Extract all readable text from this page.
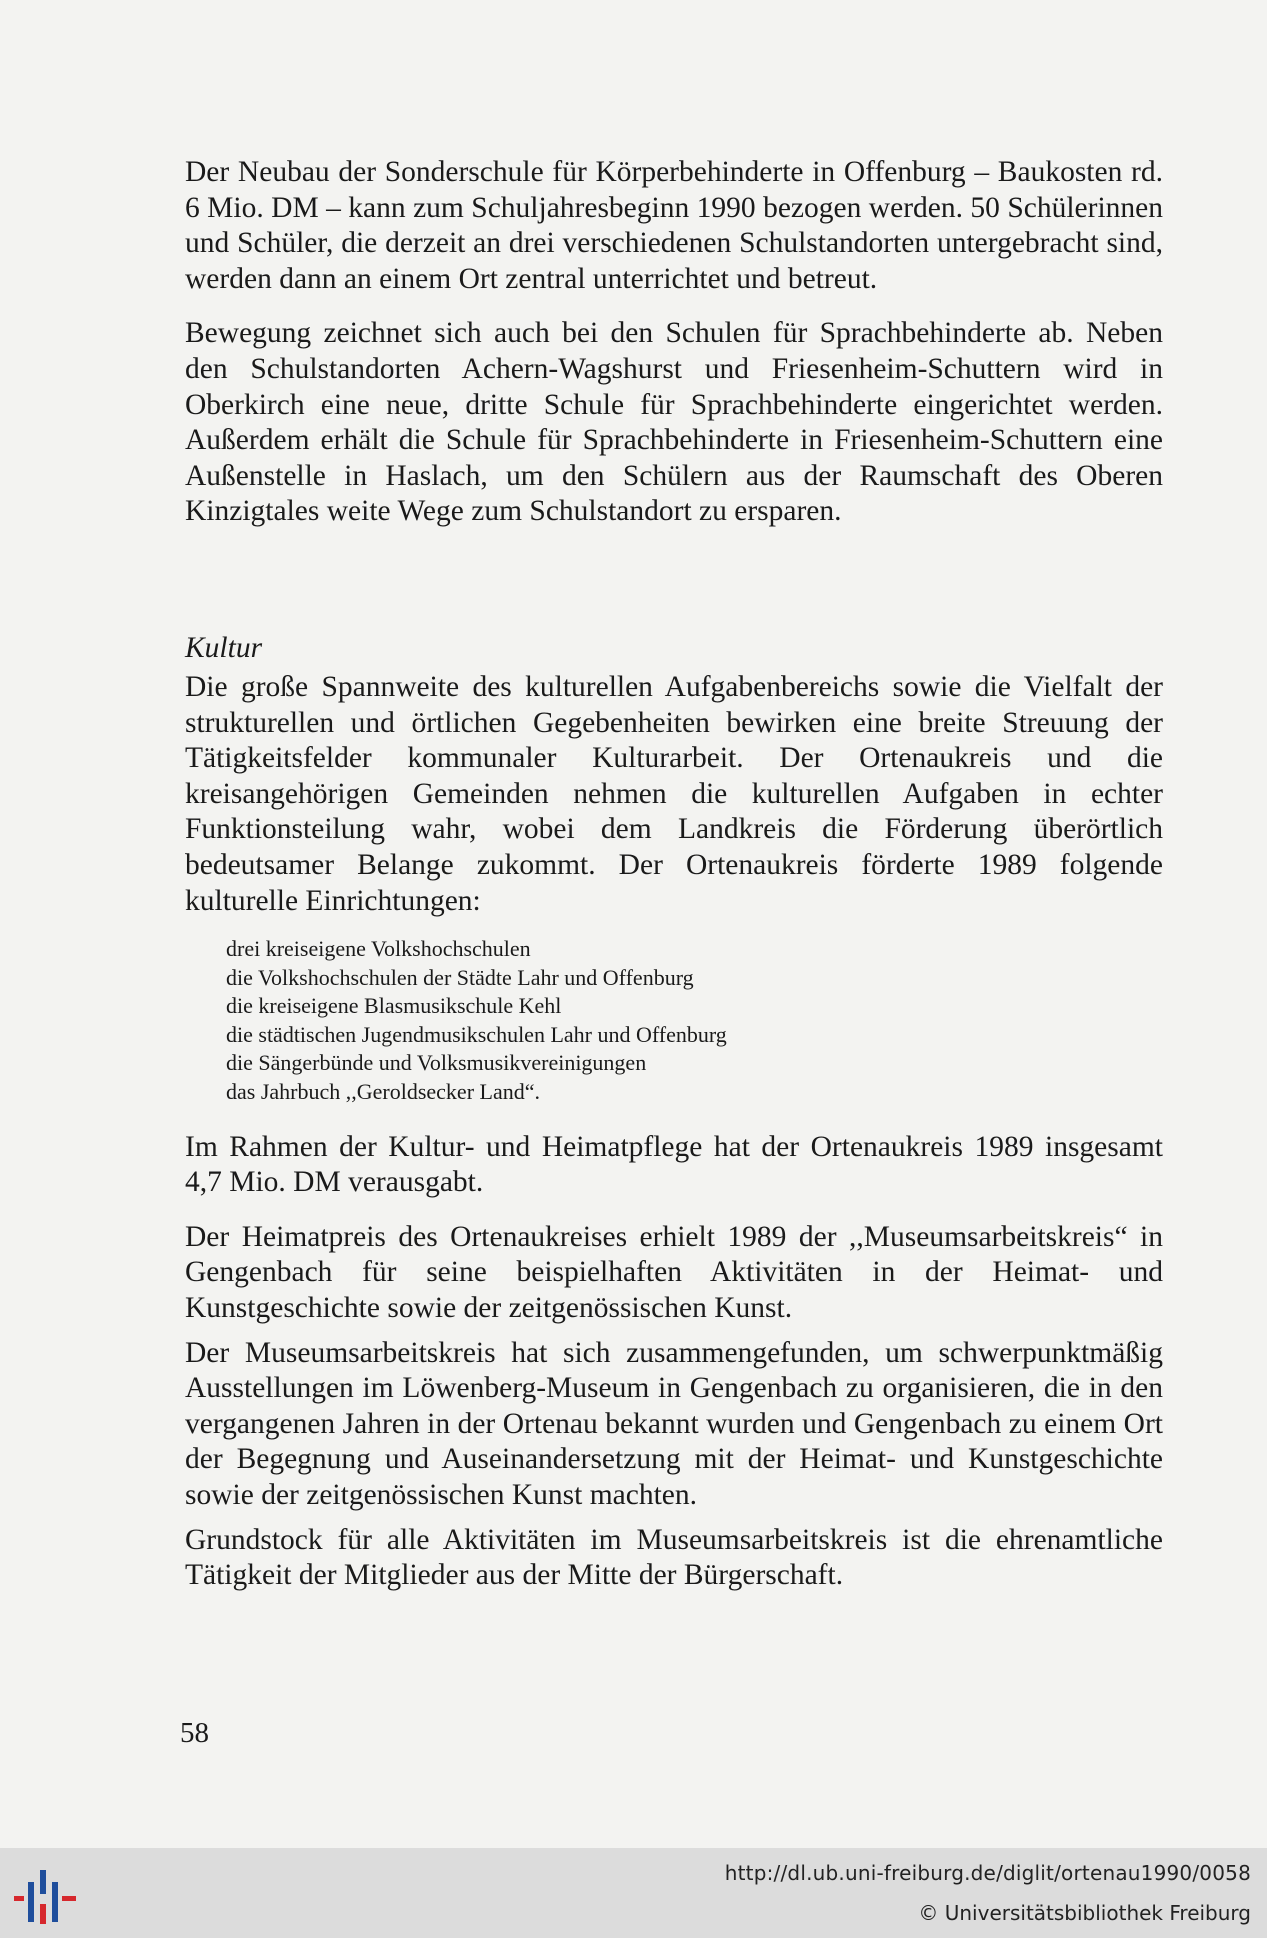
Der Neubau der Sonderschule für Körperbehinderte in Offenburg – Baukosten rd. 6 Mio. DM – kann zum Schuljahresbeginn 1990 bezogen werden. 50 Schülerinnen und Schüler, die derzeit an drei verschiedenen Schulstandorten untergebracht sind, werden dann an einem Ort zentral unterrichtet und betreut.

Bewegung zeichnet sich auch bei den Schulen für Sprachbehinderte ab. Neben den Schulstandorten Achern-Wagshurst und Friesenheim-Schuttern wird in Oberkirch eine neue, dritte Schule für Sprachbehinderte eingerichtet werden. Außerdem erhält die Schule für Sprachbehinderte in Friesenheim-Schuttern eine Außenstelle in Haslach, um den Schülern aus der Raumschaft des Oberen Kinzigtales weite Wege zum Schulstandort zu ersparen.

Kultur

Die große Spannweite des kulturellen Aufgabenbereichs sowie die Vielfalt der strukturellen und örtlichen Gegebenheiten bewirken eine breite Streuung der Tätigkeitsfelder kommunaler Kulturarbeit. Der Ortenaukreis und die kreisangehörigen Gemeinden nehmen die kulturellen Aufgaben in echter Funktionsteilung wahr, wobei dem Landkreis die Förderung überörtlich bedeutsamer Belange zukommt. Der Ortenaukreis förderte 1989 folgende kulturelle Einrichtungen:

drei kreiseigene Volkshochschulen
die Volkshochschulen der Städte Lahr und Offenburg
die kreiseigene Blasmusikschule Kehl
die städtischen Jugendmusikschulen Lahr und Offenburg
die Sängerbünde und Volksmusikvereinigungen
das Jahrbuch ,,Geroldsecker Land“.

Im Rahmen der Kultur- und Heimatpflege hat der Ortenaukreis 1989 insgesamt 4,7 Mio. DM verausgabt.

Der Heimatpreis des Ortenaukreises erhielt 1989 der ,,Museumsarbeitskreis“ in Gengenbach für seine beispielhaften Aktivitäten in der Heimat- und Kunstgeschichte sowie der zeitgenössischen Kunst.

Der Museumsarbeitskreis hat sich zusammengefunden, um schwerpunktmäßig Ausstellungen im Löwenberg-Museum in Gengenbach zu organisieren, die in den vergangenen Jahren in der Ortenau bekannt wurden und Gengenbach zu einem Ort der Begegnung und Auseinandersetzung mit der Heimat- und Kunstgeschichte sowie der zeitgenössischen Kunst machten.

Grundstock für alle Aktivitäten im Museumsarbeitskreis ist die ehrenamtliche Tätigkeit der Mitglieder aus der Mitte der Bürgerschaft.

58
http://dl.ub.uni-freiburg.de/diglit/ortenau1990/0058
© Universitätsbibliothek Freiburg
